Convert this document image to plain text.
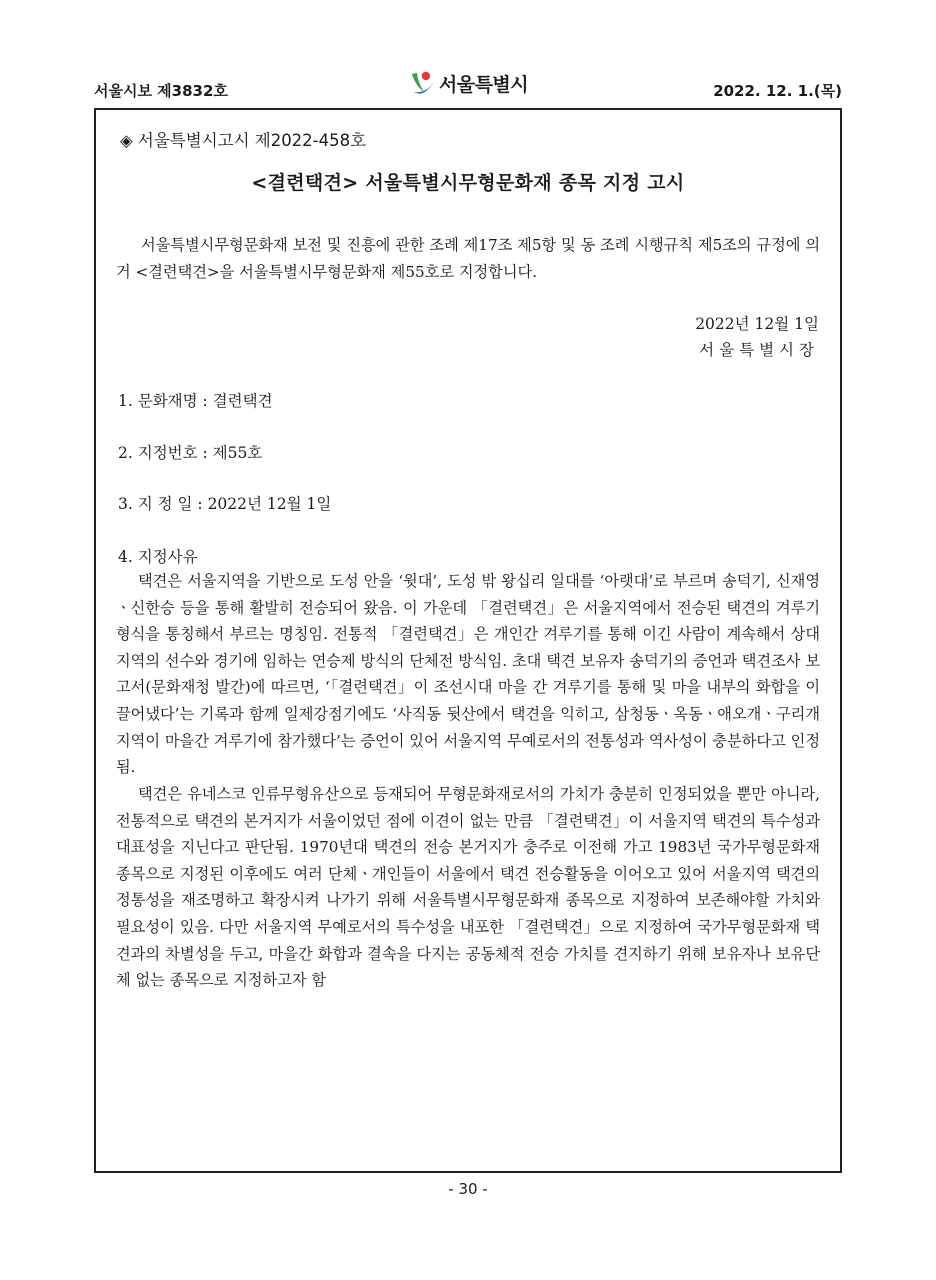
서울시보 제3832호	서울특별시	2022. 12. 1.(목)
◈ 서울특별시고시 제2022-458호
<결련택견> 서울특별시무형문화재 종목 지정 고시
서울특별시무형문화재 보전 및 진흥에 관한 조례 제17조 제5항 및 동 조례 시행규칙 제5조의 규정에 의거 <결련택견>을 서울특별시무형문화재 제55호로 지정합니다.
2022년 12월 1일
서울특별시장
1. 문화재명 : 결련택견
2. 지정번호 : 제55호
3. 지 정 일 : 2022년 12월 1일
4. 지정사유
택견은 서울지역을 기반으로 도성 안을 ‘윗대’, 도성 밖 왕십리 일대를 ‘아랫대’로 부르며 송덕기, 신재영ㆍ신한승 등을 통해 활발히 전승되어 왔음. 이 가운데 「결련택견」은 서울지역에서 전승된 택견의 겨루기 형식을 통칭해서 부르는 명칭임. 전통적 「결련택견」은 개인간 겨루기를 통해 이긴 사람이 계속해서 상대 지역의 선수와 경기에 임하는 연승제 방식의 단체전 방식임. 초대 택견 보유자 송덕기의 증언과 택견조사 보고서(문화재청 발간)에 따르면, ‘「결련택견」이 조선시대 마을 간 겨루기를 통해 및 마을 내부의 화합을 이끌어냈다’는 기록과 함께 일제강점기에도 ‘사직동 뒷산에서 택견을 익히고, 삼청동ㆍ옥동ㆍ애오개ㆍ구리개 지역이 마을간 겨루기에 참가했다’는 증언이 있어 서울지역 무예로서의 전통성과 역사성이 충분하다고 인정됨.
택견은 유네스코 인류무형유산으로 등재되어 무형문화재로서의 가치가 충분히 인정되었을 뿐만 아니라, 전통적으로 택견의 본거지가 서울이었던 점에 이견이 없는 만큼 「결련택견」이 서울지역 택견의 특수성과 대표성을 지닌다고 판단됨. 1970년대 택견의 전승 본거지가 충주로 이전해 가고 1983년 국가무형문화재 종목으로 지정된 이후에도 여러 단체ㆍ개인들이 서울에서 택견 전승활동을 이어오고 있어 서울지역 택견의 정통성을 재조명하고 확장시켜 나가기 위해 서울특별시무형문화재 종목으로 지정하여 보존해야할 가치와 필요성이 있음. 다만 서울지역 무예로서의 특수성을 내포한 「결련택견」으로 지정하여 국가무형문화재 택견과의 차별성을 두고, 마을간 화합과 결속을 다지는 공동체적 전승 가치를 견지하기 위해 보유자나 보유단체 없는 종목으로 지정하고자 함
- 30 -
